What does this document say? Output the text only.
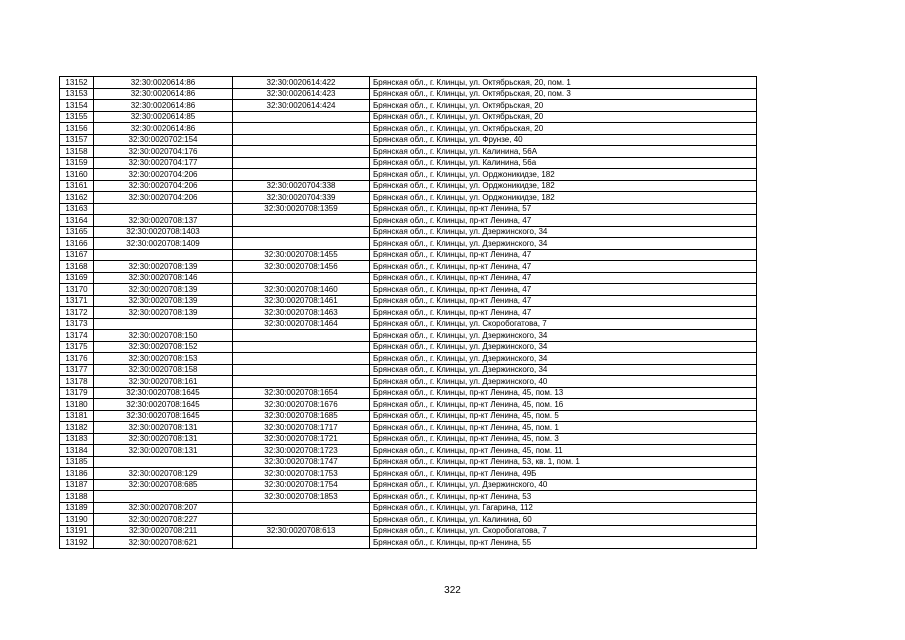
13152	32:30:0020614:86	32:30:0020614:422	Брянская обл., г. Клинцы, ул. Октябрьская, 20, пом. 1
13153	32:30:0020614:86	32:30:0020614:423	Брянская обл., г. Клинцы, ул. Октябрьская, 20, пом. 3
13154	32:30:0020614:86	32:30:0020614:424	Брянская обл., г. Клинцы, ул. Октябрьская, 20
13155	32:30:0020614:85		Брянская обл., г. Клинцы, ул. Октябрьская, 20
13156	32:30:0020614:86		Брянская обл., г. Клинцы, ул. Октябрьская, 20
13157	32:30:0020702:154		Брянская обл., г. Клинцы, ул. Фрунзе, 40
13158	32:30:0020704:176		Брянская обл., г. Клинцы, ул. Калинина, 56А
13159	32:30:0020704:177		Брянская обл., г. Клинцы, ул. Калинина, 56а
13160	32:30:0020704:206		Брянская обл., г. Клинцы, ул. Орджоникидзе, 182
13161	32:30:0020704:206	32:30:0020704:338	Брянская обл., г. Клинцы, ул. Орджоникидзе, 182
13162	32:30:0020704:206	32:30:0020704:339	Брянская обл., г. Клинцы, ул. Орджоникидзе, 182
13163		32:30:0020708:1359	Брянская обл., г. Клинцы, пр-кт Ленина, 57
13164	32:30:0020708:137		Брянская обл., г. Клинцы, пр-кт Ленина, 47
13165	32:30:0020708:1403		Брянская обл., г. Клинцы, ул. Дзержинского, 34
13166	32:30:0020708:1409		Брянская обл., г. Клинцы, ул. Дзержинского, 34
13167		32:30:0020708:1455	Брянская обл., г. Клинцы, пр-кт Ленина, 47
13168	32:30:0020708:139	32:30:0020708:1456	Брянская обл., г. Клинцы, пр-кт Ленина, 47
13169	32:30:0020708:146		Брянская обл., г. Клинцы, пр-кт Ленина, 47
13170	32:30:0020708:139	32:30:0020708:1460	Брянская обл., г. Клинцы, пр-кт Ленина, 47
13171	32:30:0020708:139	32:30:0020708:1461	Брянская обл., г. Клинцы, пр-кт Ленина, 47
13172	32:30:0020708:139	32:30:0020708:1463	Брянская обл., г. Клинцы, пр-кт Ленина, 47
13173		32:30:0020708:1464	Брянская обл., г. Клинцы, ул. Скоробогатова, 7
13174	32:30:0020708:150		Брянская обл., г. Клинцы, ул. Дзержинского, 34
13175	32:30:0020708:152		Брянская обл., г. Клинцы, ул. Дзержинского, 34
13176	32:30:0020708:153		Брянская обл., г. Клинцы, ул. Дзержинского, 34
13177	32:30:0020708:158		Брянская обл., г. Клинцы, ул. Дзержинского, 34
13178	32:30:0020708:161		Брянская обл., г. Клинцы, ул. Дзержинского, 40
13179	32:30:0020708:1645	32:30:0020708:1654	Брянская обл., г. Клинцы, пр-кт Ленина, 45, пом. 13
13180	32:30:0020708:1645	32:30:0020708:1676	Брянская обл., г. Клинцы, пр-кт Ленина, 45, пом. 16
13181	32:30:0020708:1645	32:30:0020708:1685	Брянская обл., г. Клинцы, пр-кт Ленина, 45, пом. 5
13182	32:30:0020708:131	32:30:0020708:1717	Брянская обл., г. Клинцы, пр-кт Ленина, 45, пом. 1
13183	32:30:0020708:131	32:30:0020708:1721	Брянская обл., г. Клинцы, пр-кт Ленина, 45, пом. 3
13184	32:30:0020708:131	32:30:0020708:1723	Брянская обл., г. Клинцы, пр-кт Ленина, 45, пом. 11
13185		32:30:0020708:1747	Брянская обл., г. Клинцы, пр-кт Ленина, 53, кв. 1, пом. 1
13186	32:30:0020708:129	32:30:0020708:1753	Брянская обл., г. Клинцы, пр-кт Ленина, 49Б
13187	32:30:0020708:685	32:30:0020708:1754	Брянская обл., г. Клинцы, ул. Дзержинского, 40
13188		32:30:0020708:1853	Брянская обл., г. Клинцы, пр-кт Ленина, 53
13189	32:30:0020708:207		Брянская обл., г. Клинцы, ул. Гагарина, 112
13190	32:30:0020708:227		Брянская обл., г. Клинцы, ул. Калинина, 60
13191	32:30:0020708:211	32:30:0020708:613	Брянская обл., г. Клинцы, ул. Скоробогатова, 7
13192	32:30:0020708:621		Брянская обл., г. Клинцы, пр-кт Ленина, 55
322
